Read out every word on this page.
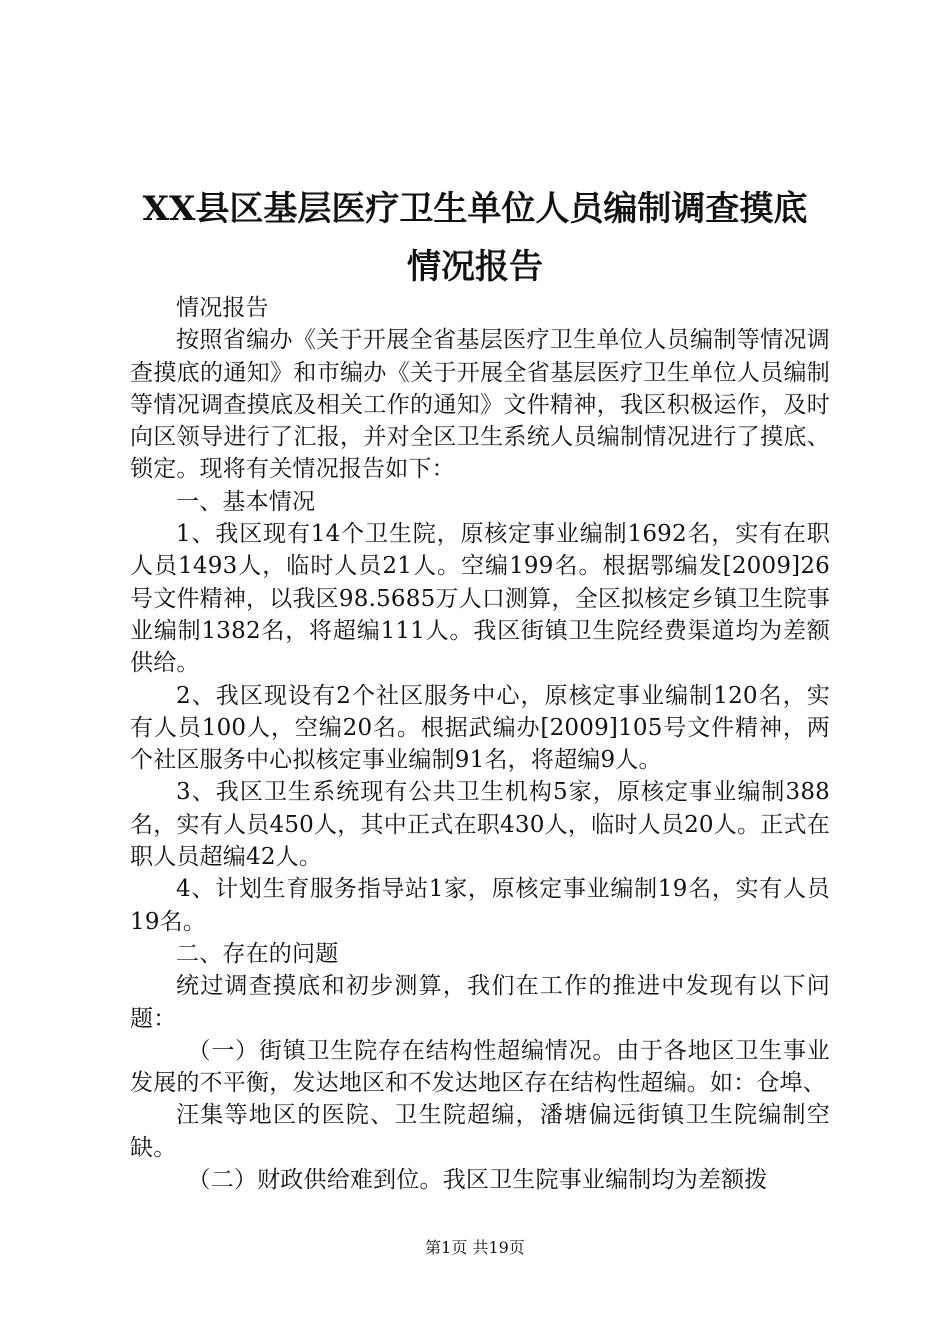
XX县区基层医疗卫生单位人员编制调查摸底
情况报告

情况报告

按照省编办《关于开展全省基层医疗卫生单位人员编制等情况调查摸底的通知》和市编办《关于开展全省基层医疗卫生单位人员编制等情况调查摸底及相关工作的通知》文件精神，我区积极运作，及时向区领导进行了汇报，并对全区卫生系统人员编制情况进行了摸底、锁定。现将有关情况报告如下：

一、基本情况

1、我区现有14个卫生院，原核定事业编制1692名，实有在职人员1493人，临时人员21人。空编199名。根据鄂编发[2009]26号文件精神，以我区98.5685万人口测算，全区拟核定乡镇卫生院事业编制1382名，将超编111人。我区街镇卫生院经费渠道均为差额供给。

2、我区现设有2个社区服务中心，原核定事业编制120名，实有人员100人，空编20名。根据武编办[2009]105号文件精神，两个社区服务中心拟核定事业编制91名，将超编9人。

3、我区卫生系统现有公共卫生机构5家，原核定事业编制388名，实有人员450人，其中正式在职430人，临时人员20人。正式在职人员超编42人。

4、计划生育服务指导站1家，原核定事业编制19名，实有人员19名。

二、存在的问题

统过调查摸底和初步测算，我们在工作的推进中发现有以下问题：

（一）街镇卫生院存在结构性超编情况。由于各地区卫生事业发展的不平衡，发达地区和不发达地区存在结构性超编。如：仓埠、

汪集等地区的医院、卫生院超编，潘塘偏远街镇卫生院编制空缺。

（二）财政供给难到位。我区卫生院事业编制均为差额拨

第1页 共19页
